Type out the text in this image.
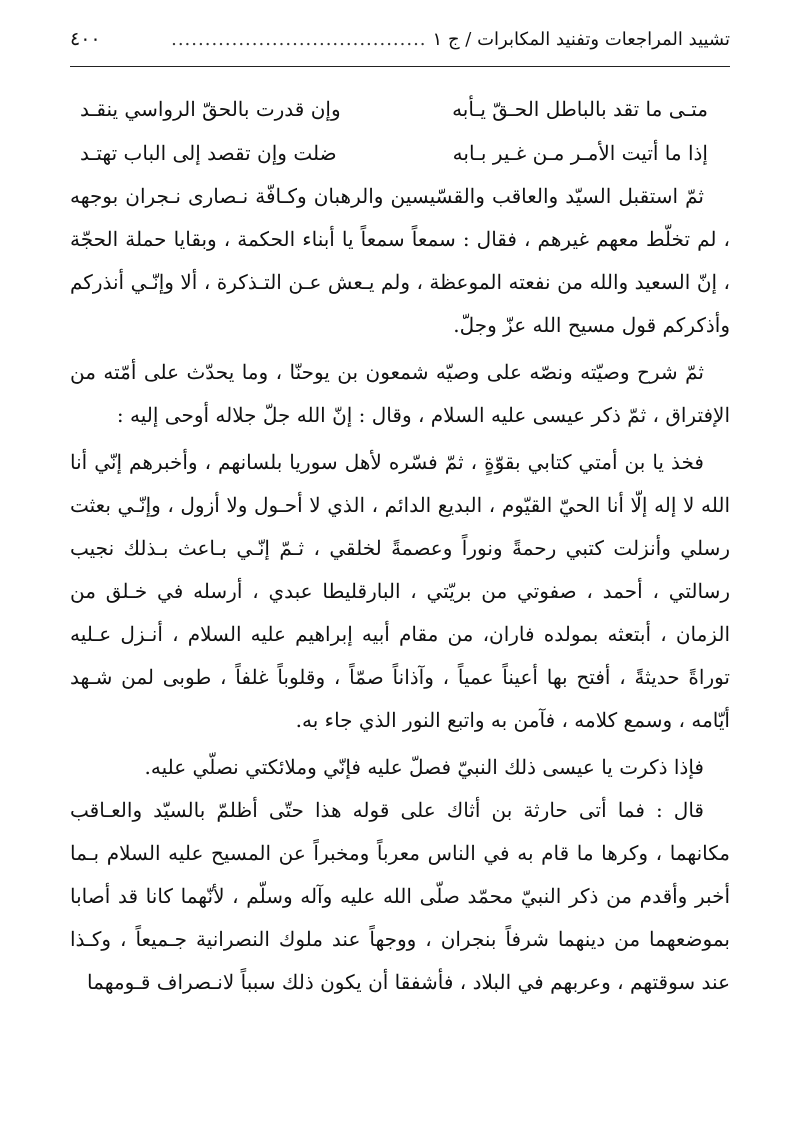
تشييد المراجعات وتفنيد المكابرات / ج ١
......................................
٤٠٠
متـى ما تقد بالباطل الحـقّ يـأبه
وإن قدرت بالحقّ الرواسي ينقـد
إذا ما أتيت الأمـر مـن غـير بـابه
ضلت وإن تقصد إلى الباب تهتـد

ثمّ استقبل السيّد والعاقب والقسّيسين والرهبان وكـافّة نـصارى نـجران بوجهه ، لم تخلّط معهم غيرهم ، فقال : سمعاً سمعاً يا أبناء الحكمة ، وبقايا حملة الحجّة ، إنّ السعيد والله من نفعته الموعظة ، ولم يـعش عـن التـذكرة ، ألا وإنّـي أنذركم وأذكركم قول مسيح الله عزّ وجلّ.

ثمّ شرح وصيّته ونصّه على وصيّه شمعون بن يوحنّا ، وما يحدّث على أمّته من الإفتراق ، ثمّ ذكر عيسى عليه السلام ، وقال : إنّ الله جلّ جلاله أوحى إليه :

فخذ يا بن أمتي كتابي بقوّةٍ ، ثمّ فسّره لأهل سوريا بلسانهم ، وأخبرهم إنّي أنا الله لا إله إلّا أنا الحيّ القيّوم ، البديع الدائم ، الذي لا أحـول ولا أزول ، وإنّـي بعثت رسلي وأنزلت كتبي رحمةً ونوراً وعصمةً لخلقي ، ثـمّ إنّـي بـاعث بـذلك نجيب رسالتي ، أحمد ، صفوتي من بريّتي ، البارقليطا عبدي ، أرسله في خـلق من الزمان ، أبتعثه بمولده فاران، من مقام أبيه إبراهيم عليه السلام ، أنـزل عـليه توراةً حديثةً ، أفتح بها أعيناً عمياً ، وآذاناً صمّاً ، وقلوباً غلفاً ، طوبى لمن شـهد أيّامه ، وسمع كلامه ، فآمن به واتبع النور الذي جاء به.

فإذا ذكرت يا عيسى ذلك النبيّ فصلّ عليه فإنّي وملائكتي نصلّي عليه.

قال : فما أتى حارثة بن أثاك على قوله هذا حتّى أظلمّ بالسيّد والعـاقب مكانهما ، وكرها ما قام به في الناس معرباً ومخبراً عن المسيح عليه السلام بـما أخبر وأقدم من ذكر النبيّ محمّد صلّى الله عليه وآله وسلّم ، لأنّهما كانا قد أصابا بموضعهما من دينهما شرفاً بنجران ، ووجهاً عند ملوك النصرانية جـميعاً ، وكـذا عند سوقتهم ، وعربهم في البلاد ، فأشفقا أن يكون ذلك سبباً لانـصراف قـومهما
